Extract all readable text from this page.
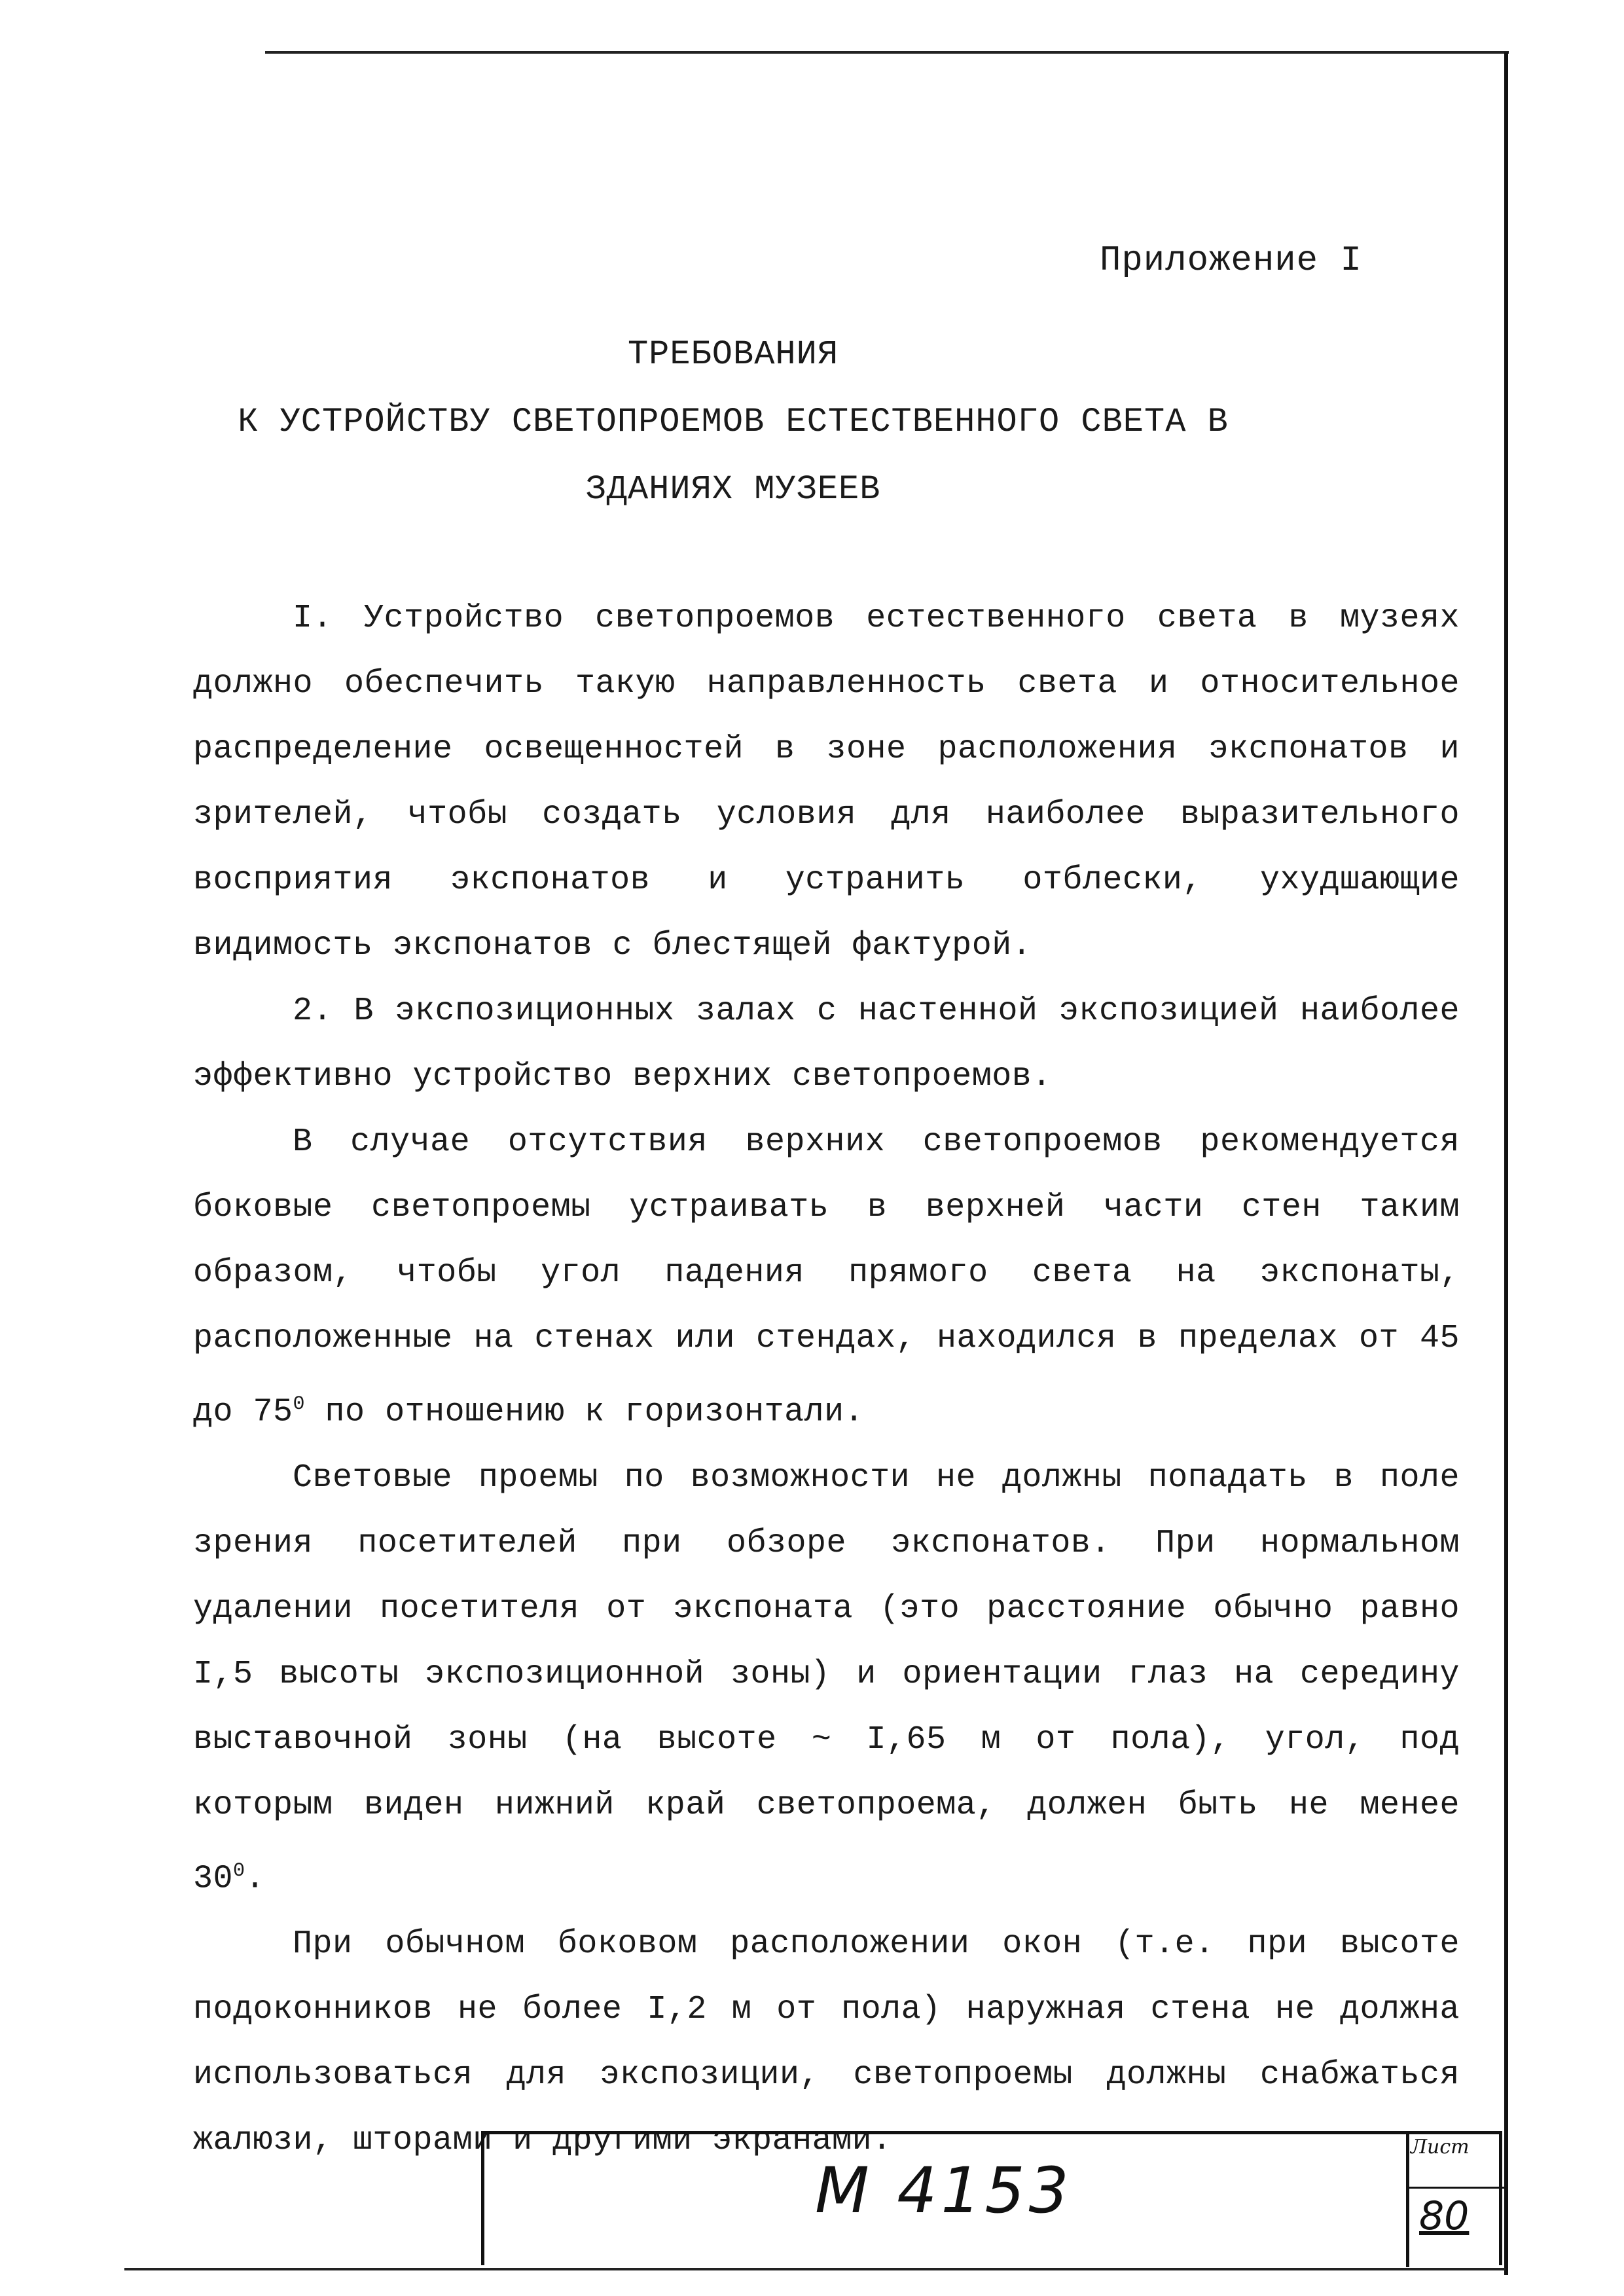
Приложение I
ТРЕБОВАНИЯ
К УСТРОЙСТВУ СВЕТОПРОЕМОВ ЕСТЕСТВЕННОГО СВЕТА В
ЗДАНИЯХ МУЗЕЕВ

I. Устройство светопроемов естественного света в музеях должно обеспечить такую направленность света и относительное распределение освещенностей в зоне расположения экспонатов и зрителей, чтобы создать условия для наиболее выразительного восприятия экспонатов и устранить отблески, ухудшающие видимость экспонатов с блестящей фактурой.

2. В экспозиционных залах с настенной экспозицией наиболее эффективно устройство верхних светопроемов.

В случае отсутствия верхних светопроемов рекомендуется боковые светопроемы устраивать в верхней части стен таким образом, чтобы угол падения прямого света на экспонаты, расположенные на стенах или стендах, находился в пределах от 45 до $75^0$ по отношению к горизонтали.

Световые проемы по возможности не должны попадать в поле зрения посетителей при обзоре экспонатов. При нормальном удалении посетителя от экспоната (это расстояние обычно равно I,5 высоты экспозиционной зоны) и ориентации глаз на середину выставочной зоны (на высоте ~ I,65 м от пола), угол, под которым виден нижний край светопроема, должен быть не менее $30^0$.

При обычном боковом расположении окон (т.е. при высоте подоконников не более I,2 м от пола) наружная стена не должна использоваться для экспозиции, светопроемы должны снабжаться жалюзи, шторами и другими экранами.

М 4153
Лист
80
